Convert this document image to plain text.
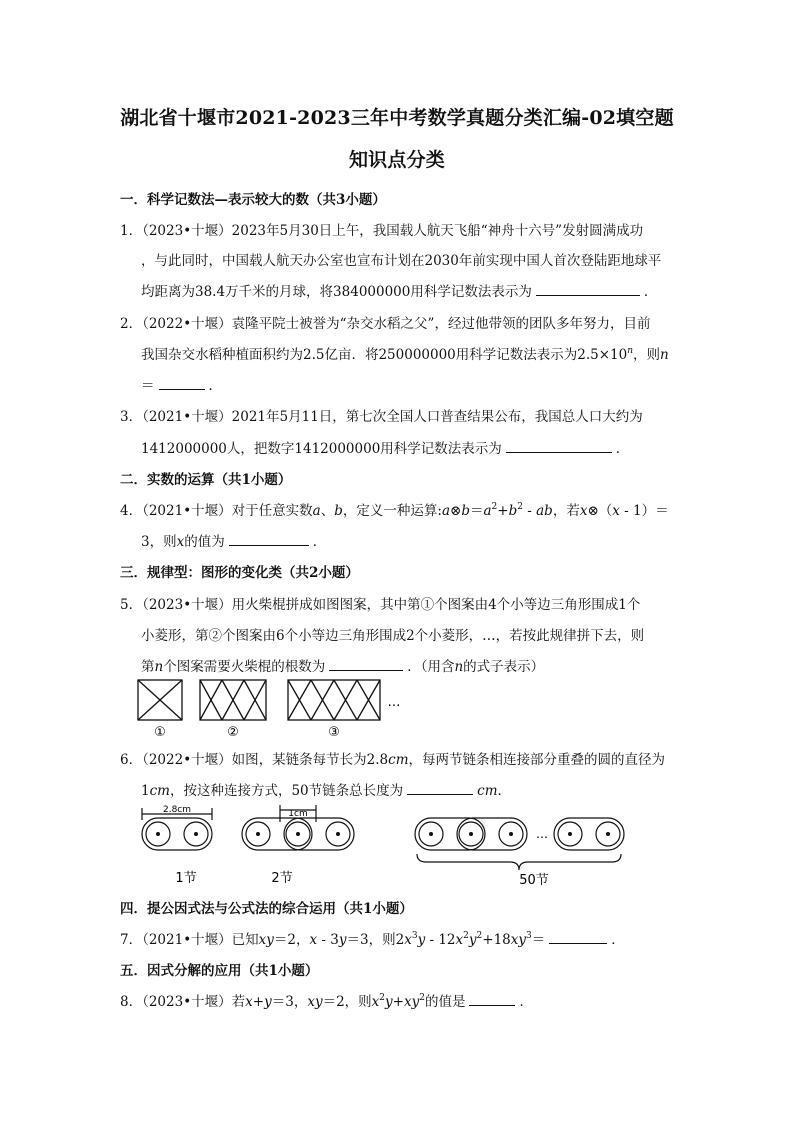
湖北省十堰市2021-2023三年中考数学真题分类汇编-02填空题
知识点分类
一．科学记数法—表示较大的数（共3小题）
1．（2023•十堰）2023年5月30日上午，我国载人航天飞船“神舟十六号”发射圆满成功
，与此同时，中国载人航天办公室也宣布计划在2030年前实现中国人首次登陆距地球平
均距离为38.4万千米的月球，将384000000用科学记数法表示为	．
2．（2022•十堰）袁隆平院士被誉为“杂交水稻之父”，经过他带领的团队多年努力，目前
我国杂交水稻种植面积约为2.5亿亩．将250000000用科学记数法表示为$2.5\times 10^n$，则n
＝	．
3．（2021•十堰）2021年5月11日，第七次全国人口普查结果公布，我国总人口大约为
1412000000人，把数字1412000000用科学记数法表示为	．
二．实数的运算（共1小题）
4．（2021•十堰）对于任意实数a、b，定义一种运算$:a\otimes b=a^2+b^2$ - ab，若x⊗（x - 1）＝
3，则x的值为	．
三．规律型：图形的变化类（共2小题）
5．（2023•十堰）用火柴棍拼成如图图案，其中第①个图案由4个小等边三角形围成1个
小菱形，第②个图案由6个小等边三角形围成2个小菱形，…，若按此规律拼下去，则
第n个图案需要火柴棍的根数为	．（用含n的式子表示）
①	②	③
…
6．（2022•十堰）如图，某链条每节长为2.8cm，每两节链条相连接部分重叠的圆的直径为
1cm，按这种连接方式，50节链条总长度为	cm．
2.8cm	1cm
…
1节	2节	50节
四．提公因式法与公式法的综合运用（共1小题）
7．（2021•十堰）已知xy＝2，x - 3y＝3，则$2x^3y - 12x^2y^2+18xy^3=$	．
五．因式分解的应用（共1小题）
8．（2023•十堰）若x+y＝3，xy＝2，则$x^2y+xy^2$的值是	．
